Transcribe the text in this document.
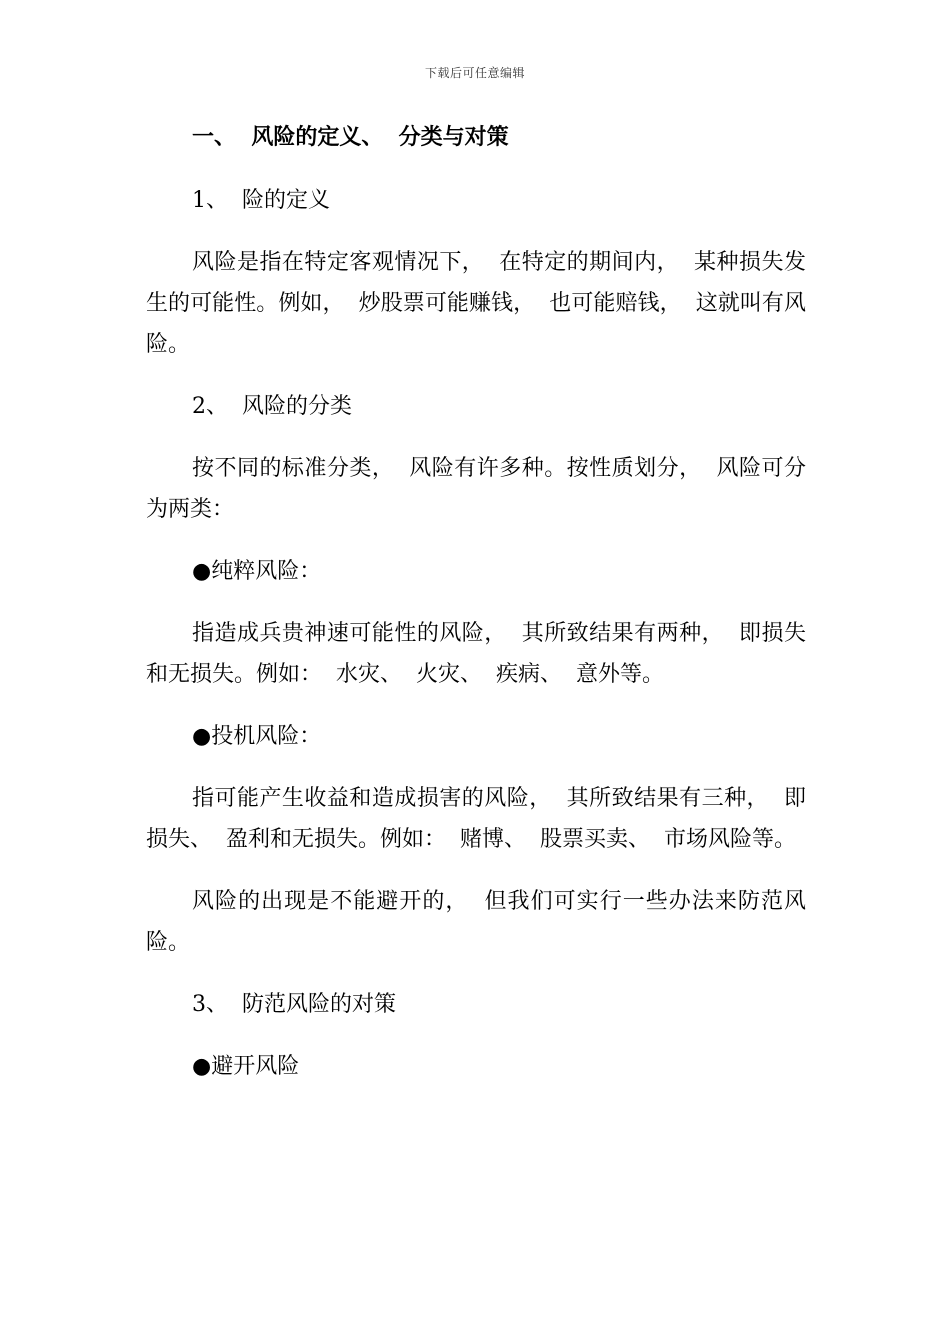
下载后可任意编辑

一、  风险的定义、  分类与对策

1、  险的定义

风险是指在特定客观情况下，  在特定的期间内，  某种损失发生的可能性。例如，  炒股票可能赚钱，  也可能赔钱，  这就叫有风险。

2、  风险的分类

按不同的标准分类，  风险有许多种。按性质划分，  风险可分为两类：

●纯粹风险：

指造成兵贵神速可能性的风险，  其所致结果有两种，  即损失和无损失。例如：  水灾、  火灾、  疾病、  意外等。

●投机风险：

指可能产生收益和造成损害的风险，  其所致结果有三种，  即损失、  盈利和无损失。例如：  赌博、  股票买卖、  市场风险等。

风险的出现是不能避开的，  但我们可实行一些办法来防范风险。

3、  防范风险的对策

●避开风险
